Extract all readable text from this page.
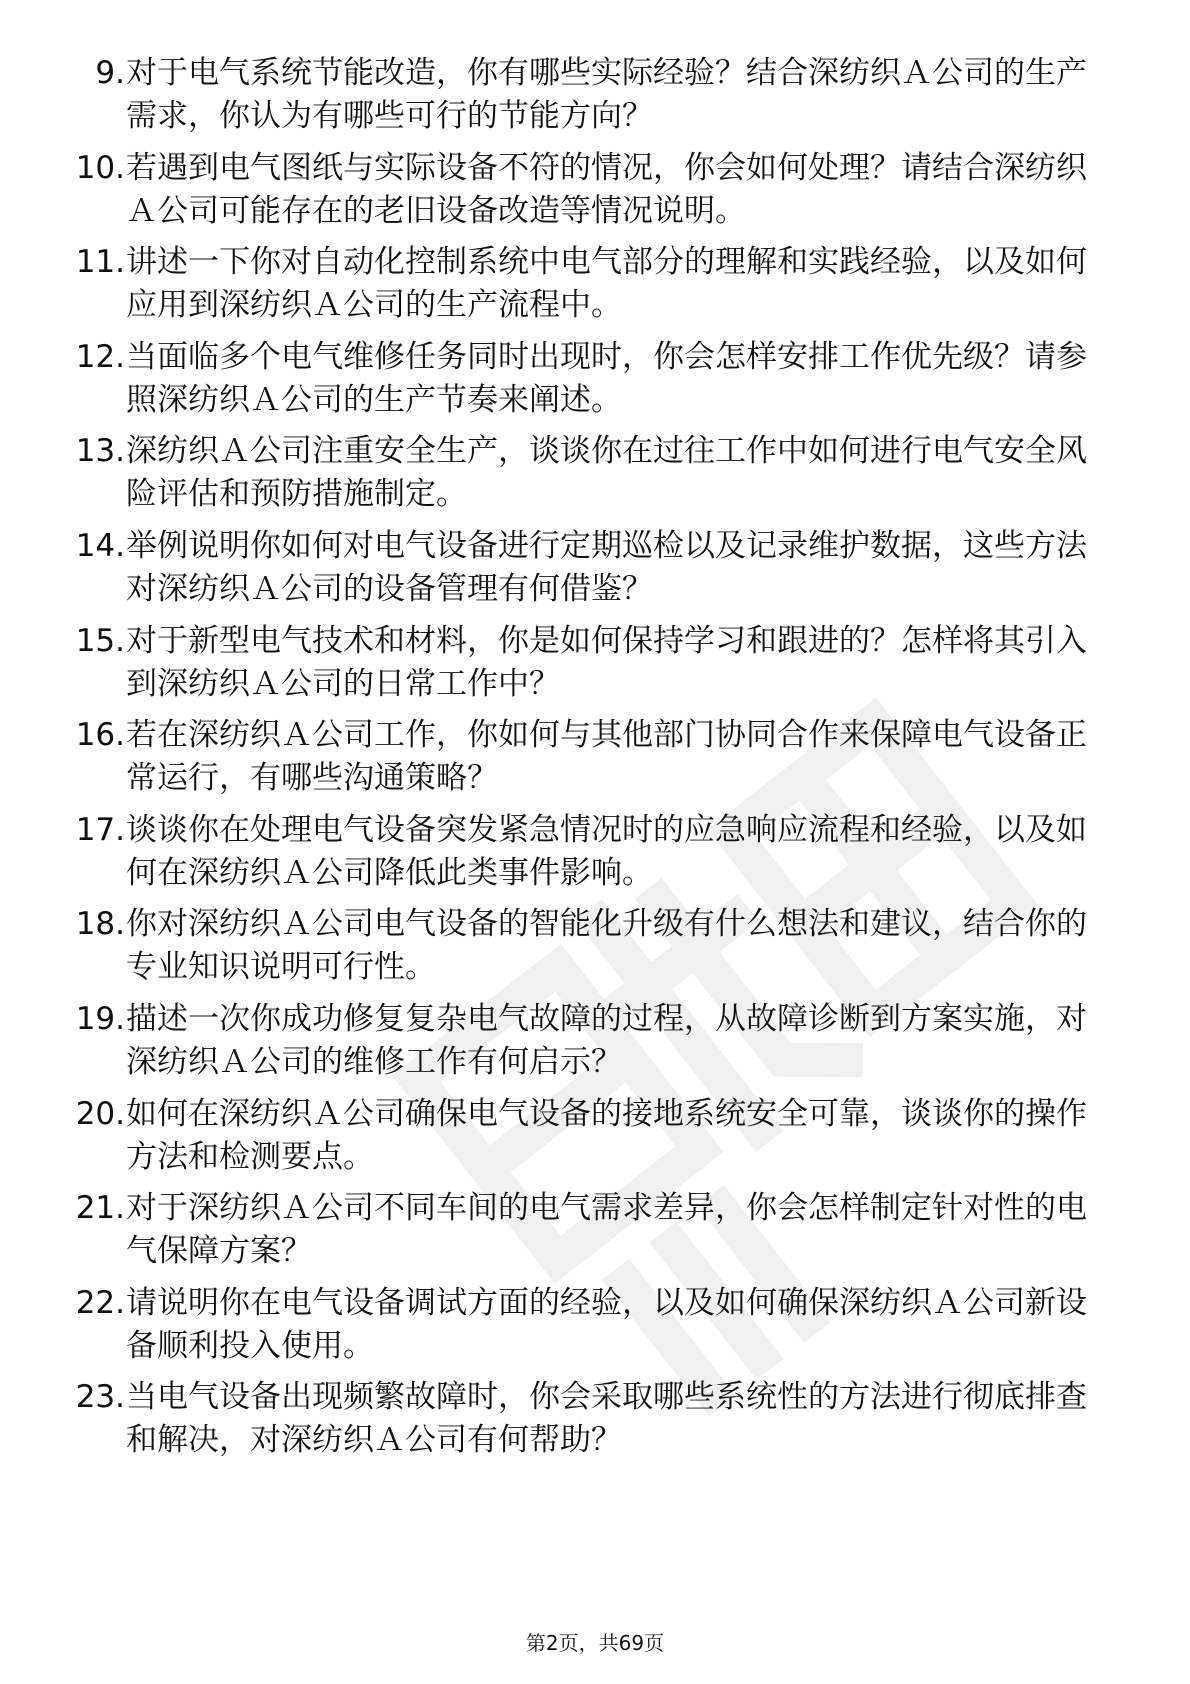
9. 对于电气系统节能改造，你有哪些实际经验？结合深纺织Ａ公司的生产需求，你认为有哪些可行的节能方向？
10. 若遇到电气图纸与实际设备不符的情况，你会如何处理？请结合深纺织Ａ公司可能存在的老旧设备改造等情况说明。
11. 讲述一下你对自动化控制系统中电气部分的理解和实践经验，以及如何应用到深纺织Ａ公司的生产流程中。
12. 当面临多个电气维修任务同时出现时，你会怎样安排工作优先级？请参照深纺织Ａ公司的生产节奏来阐述。
13. 深纺织Ａ公司注重安全生产，谈谈你在过往工作中如何进行电气安全风险评估和预防措施制定。
14. 举例说明你如何对电气设备进行定期巡检以及记录维护数据，这些方法对深纺织Ａ公司的设备管理有何借鉴？
15. 对于新型电气技术和材料，你是如何保持学习和跟进的？怎样将其引入到深纺织Ａ公司的日常工作中？
16. 若在深纺织Ａ公司工作，你如何与其他部门协同合作来保障电气设备正常运行，有哪些沟通策略？
17. 谈谈你在处理电气设备突发紧急情况时的应急响应流程和经验，以及如何在深纺织Ａ公司降低此类事件影响。
18. 你对深纺织Ａ公司电气设备的智能化升级有什么想法和建议，结合你的专业知识说明可行性。
19. 描述一次你成功修复复杂电气故障的过程，从故障诊断到方案实施，对深纺织Ａ公司的维修工作有何启示？
20. 如何在深纺织Ａ公司确保电气设备的接地系统安全可靠，谈谈你的操作方法和检测要点。
21. 对于深纺织Ａ公司不同车间的电气需求差异，你会怎样制定针对性的电气保障方案？
22. 请说明你在电气设备调试方面的经验，以及如何确保深纺织Ａ公司新设备顺利投入使用。
23. 当电气设备出现频繁故障时，你会采取哪些系统性的方法进行彻底排查和解决，对深纺织Ａ公司有何帮助？
第2页，共69页
